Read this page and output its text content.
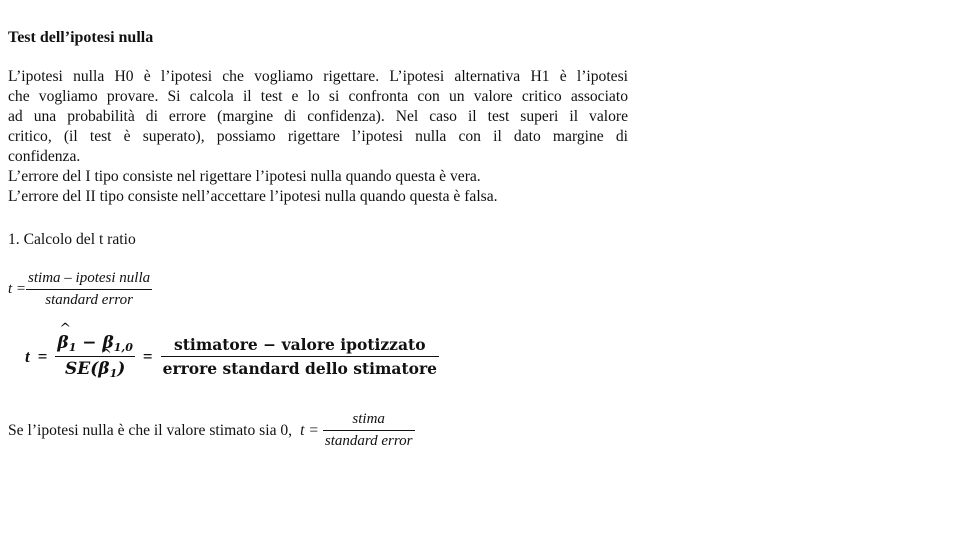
Test dell’ipotesi nulla
L’ipotesi nulla H0 è l’ipotesi che vogliamo rigettare. L’ipotesi alternativa H1 è l’ipotesi
che vogliamo provare. Si calcola il test e lo si confronta con un valore critico associato
ad una probabilità di errore (margine di confidenza). Nel caso il test superi il valore
critico, (il test è superato), possiamo rigettare l’ipotesi nulla con il dato margine di
confidenza.
L’errore del I tipo consiste nel rigettare l’ipotesi nulla quando questa è vera.
L’errore del II tipo consiste nell’accettare l’ipotesi nulla quando questa è falsa.
1. Calcolo del t ratio
$t = \frac{\text{stima – ipotesi nulla}}{\text{standard error}}$
t =
^ $\frac{\beta_1 - \beta_{1,0}}{SE(\^{} \beta_1)} = \frac{\text{stimatore − valore ipotizzato}}{\text{errore standard dello stimatore}}$
Se l’ipotesi nulla è che il valore stimato sia 0, $t = \frac{\text{stima}}{\text{standard error}}$
